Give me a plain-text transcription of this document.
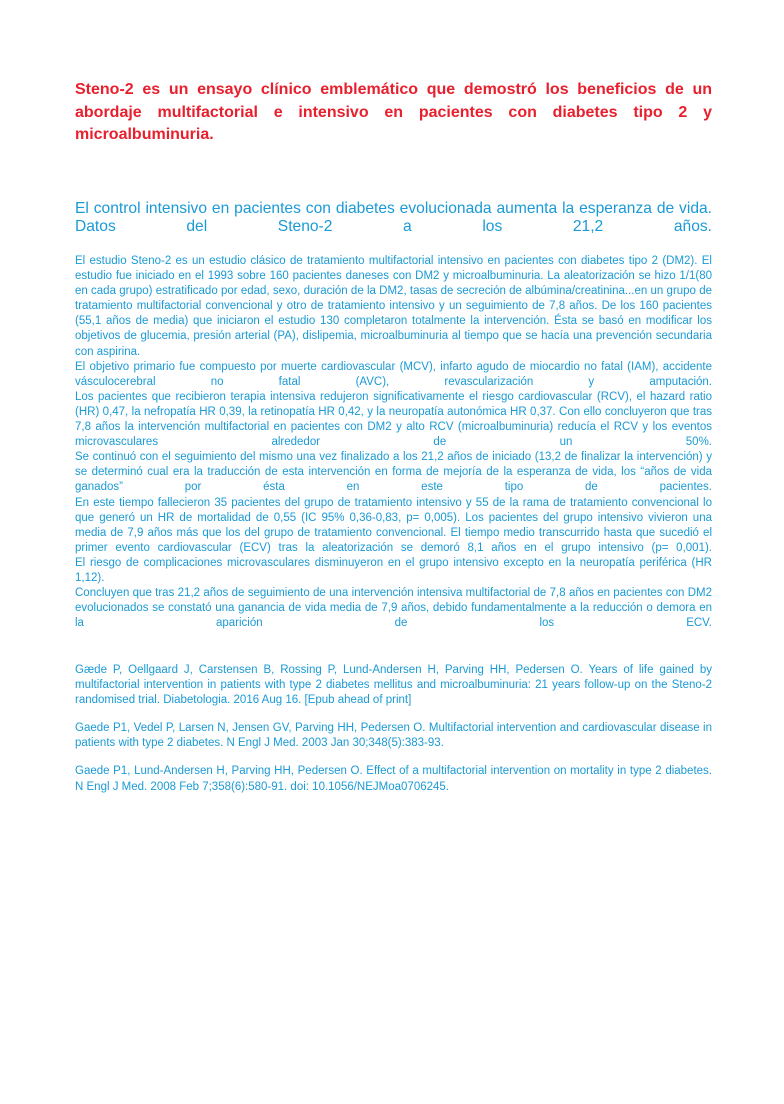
Steno-2 es un ensayo clínico emblemático que demostró los beneficios de un abordaje multifactorial e intensivo en pacientes con diabetes tipo 2 y microalbuminuria.

El control intensivo en pacientes con diabetes evolucionada aumenta la esperanza de vida. Datos del Steno-2 a los 21,2 años.

El estudio Steno-2 es un estudio clásico de tratamiento multifactorial intensivo en pacientes con diabetes tipo 2 (DM2). El estudio fue iniciado en el 1993 sobre 160 pacientes daneses con DM2 y microalbuminuria. La aleatorización se hizo 1/1(80 en cada grupo) estratificado por edad, sexo, duración de la DM2, tasas de secreción de albúmina/creatinina...en un grupo de tratamiento multifactorial convencional y otro de tratamiento intensivo y un seguimiento de 7,8 años. De los 160 pacientes (55,1 años de media) que iniciaron el estudio 130 completaron totalmente la intervención. Ésta se basó en modificar los objetivos de glucemia, presión arterial (PA), dislipemia, microalbuminuria al tiempo que se hacía una prevención secundaria con aspirina.

El objetivo primario fue compuesto por muerte cardiovascular (MCV), infarto agudo de miocardio no fatal (IAM), accidente vásculocerebral no fatal (AVC), revascularización y amputación.

Los pacientes que recibieron terapia intensiva redujeron significativamente el riesgo cardiovascular (RCV), el hazard ratio (HR) 0,47, la nefropatía HR 0,39, la retinopatía HR 0,42, y la neuropatía autonómica HR 0,37. Con ello concluyeron que tras 7,8 años la intervención multifactorial en pacientes con DM2 y alto RCV (microalbuminuria) reducía el RCV y los eventos microvasculares alrededor de un 50%.

Se continuó con el seguimiento del mismo una vez finalizado a los 21,2 años de iniciado (13,2 de finalizar la intervención) y se determinó cual era la traducción de esta intervención en forma de mejoría de la esperanza de vida, los “años de vida ganados” por ésta en este tipo de pacientes.

En este tiempo fallecieron 35 pacientes del grupo de tratamiento intensivo y 55 de la rama de tratamiento convencional lo que generó un HR de mortalidad de 0,55 (IC 95% 0,36-0,83, p= 0,005). Los pacientes del grupo intensivo vivieron una media de 7,9 años más que los del grupo de tratamiento convencional. El tiempo medio transcurrido hasta que sucedió el primer evento cardiovascular (ECV) tras la aleatorización se demoró 8,1 años en el grupo intensivo (p= 0,001).

El riesgo de complicaciones microvasculares disminuyeron en el grupo intensivo excepto en la neuropatía periférica (HR 1,12).

Concluyen que tras 21,2 años de seguimiento de una intervención intensiva multifactorial de 7,8 años en pacientes con DM2 evolucionados se constató una ganancia de vida media de 7,9 años, debido fundamentalmente a la reducción o demora en la aparición de los ECV.

Gæde P, Oellgaard J, Carstensen B, Rossing P, Lund-Andersen H, Parving HH, Pedersen O. Years of life gained by multifactorial intervention in patients with type 2 diabetes mellitus and microalbuminuria: 21 years follow-up on the Steno-2 randomised trial. Diabetologia. 2016 Aug 16. [Epub ahead of print]

Gaede P1, Vedel P, Larsen N, Jensen GV, Parving HH, Pedersen O. Multifactorial intervention and cardiovascular disease in patients with type 2 diabetes. N Engl J Med. 2003 Jan 30;348(5):383-93.

Gaede P1, Lund-Andersen H, Parving HH, Pedersen O. Effect of a multifactorial intervention on mortality in type 2 diabetes. N Engl J Med. 2008 Feb 7;358(6):580-91. doi: 10.1056/NEJMoa0706245.
